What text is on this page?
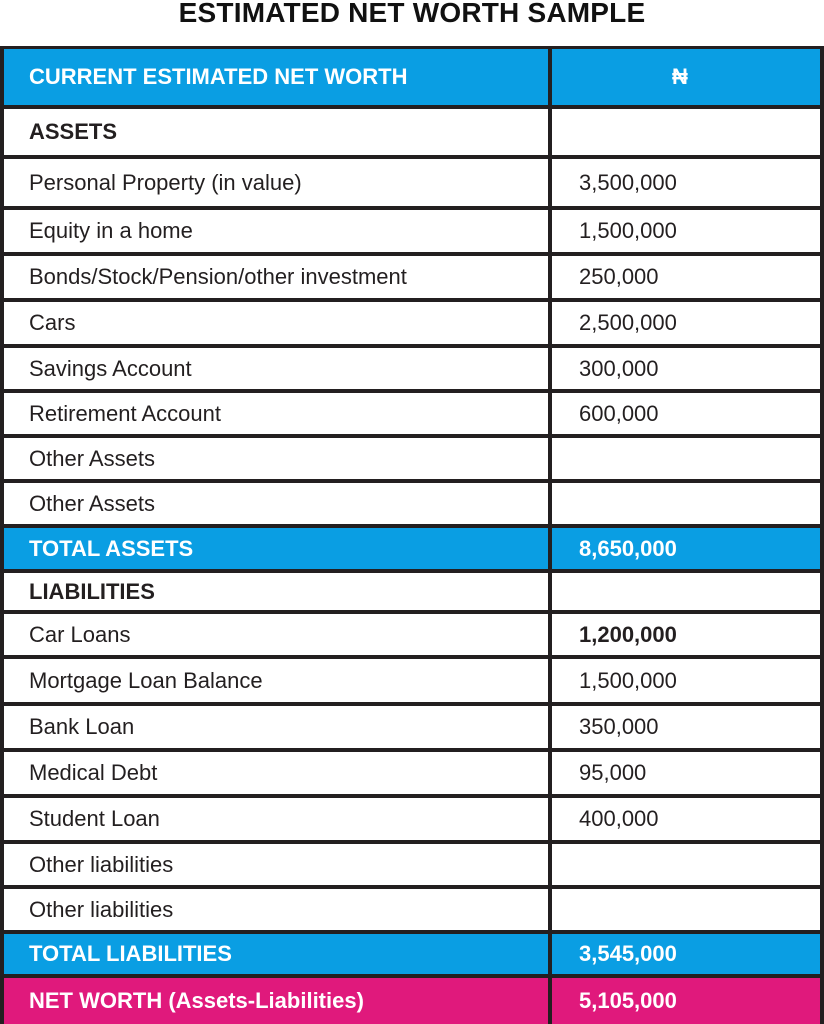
ESTIMATED NET WORTH SAMPLE
CURRENT ESTIMATED NET WORTH	₦
ASSETS
Personal Property (in value)	3,500,000
Equity in a home	1,500,000
Bonds/Stock/Pension/other investment	250,000
Cars	2,500,000
Savings Account	300,000
Retirement Account	600,000
Other Assets
Other Assets
TOTAL ASSETS	8,650,000
LIABILITIES
Car Loans	1,200,000
Mortgage Loan Balance	1,500,000
Bank Loan	350,000
Medical Debt	95,000
Student Loan	400,000
Other liabilities
Other liabilities
TOTAL LIABILITIES	3,545,000
NET WORTH (Assets-Liabilities)	5,105,000
